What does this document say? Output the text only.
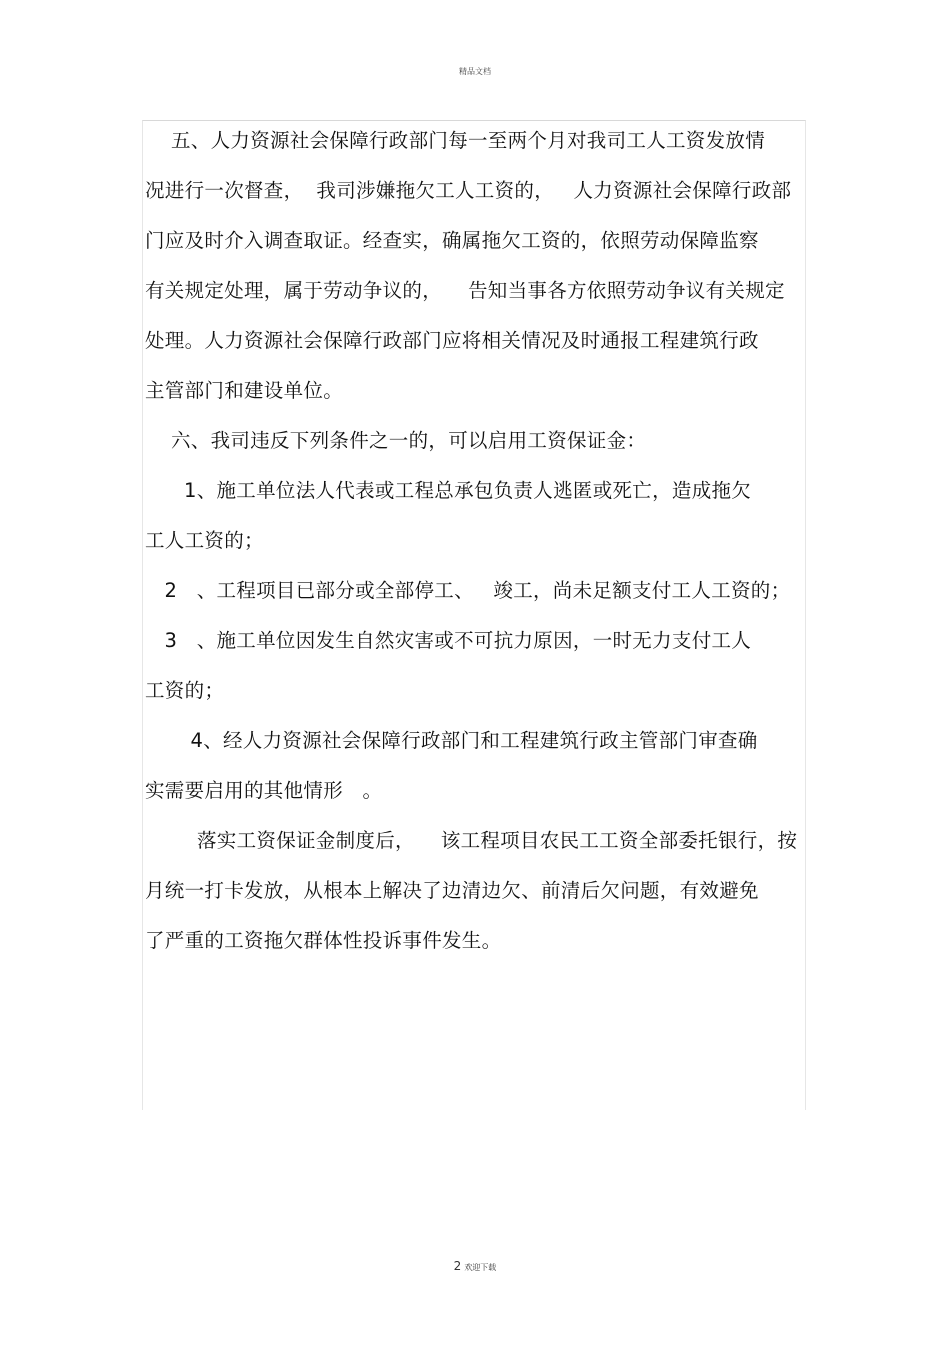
精品文档
五、人力资源社会保障行政部门每一至两个月对我司工人工资发放情
况进行一次督查，  我司涉嫌拖欠工人工资的，   人力资源社会保障行政部
门应及时介入调查取证。经查实，确属拖欠工资的，依照劳动保障监察
有关规定处理，属于劳动争议的，    告知当事各方依照劳动争议有关规定
处理。人力资源社会保障行政部门应将相关情况及时通报工程建筑行政
主管部门和建设单位。
六、我司违反下列条件之一的，可以启用工资保证金：
1、施工单位法人代表或工程总承包负责人逃匿或死亡，造成拖欠
工人工资的；
2   、工程项目已部分或全部停工、   竣工，尚未足额支付工人工资的；
3   、施工单位因发生自然灾害或不可抗力原因，一时无力支付工人
工资的；
4、经人力资源社会保障行政部门和工程建筑行政主管部门审查确
实需要启用的其他情形   。
落实工资保证金制度后，    该工程项目农民工工资全部委托银行，按
月统一打卡发放，从根本上解决了边清边欠、前清后欠问题，有效避免
了严重的工资拖欠群体性投诉事件发生。
2 欢迎下载
